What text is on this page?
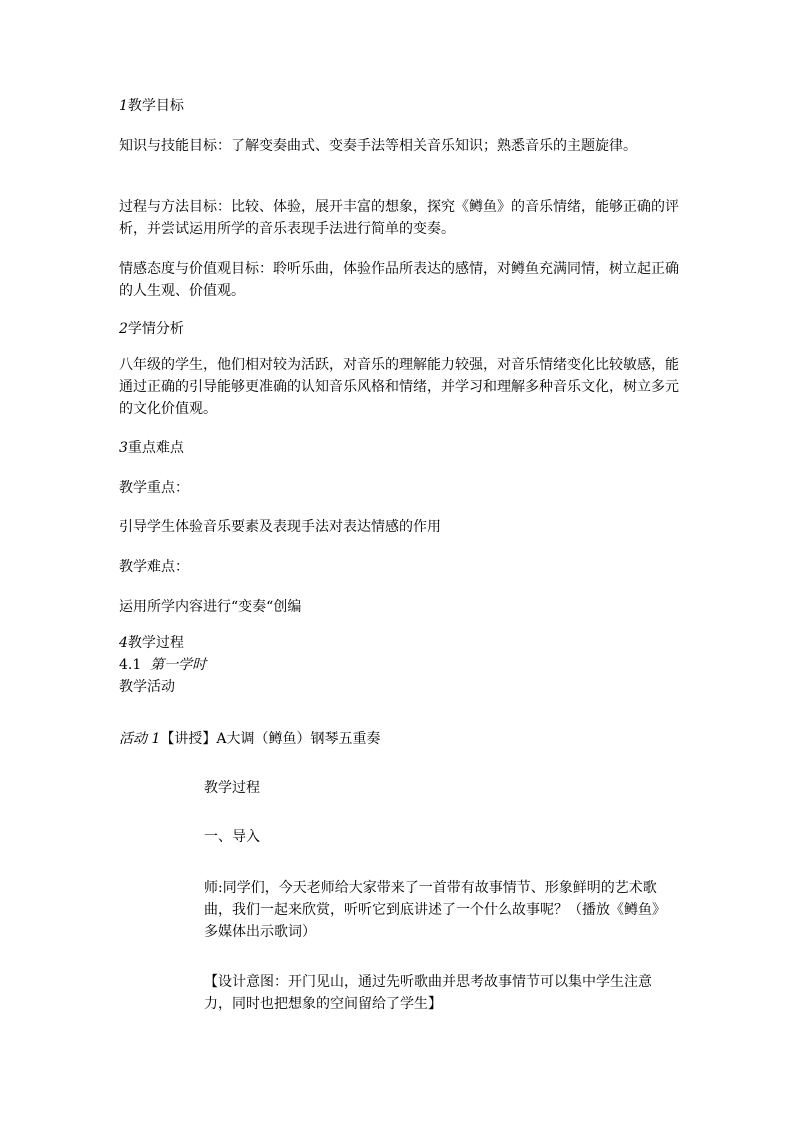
1教学目标

知识与技能目标：了解变奏曲式、变奏手法等相关音乐知识；熟悉音乐的主题旋律。

过程与方法目标：比较、体验，展开丰富的想象，探究《鳟鱼》的音乐情绪，能够正确的评析，并尝试运用所学的音乐表现手法进行简单的变奏。

情感态度与价值观目标：聆听乐曲，体验作品所表达的感情，对鳟鱼充满同情，树立起正确的人生观、价值观。

2学情分析

八年级的学生，他们相对较为活跃，对音乐的理解能力较强，对音乐情绪变化比较敏感，能通过正确的引导能够更准确的认知音乐风格和情绪，并学习和理解多种音乐文化，树立多元的文化价值观。

3重点难点

教学重点：

引导学生体验音乐要素及表现手法对表达情感的作用

教学难点：

运用所学内容进行“变奏“创编

4教学过程

4.1 第一学时

教学活动

活动 1【讲授】A大调（鳟鱼）钢琴五重奏

教学过程

一、导入

师:同学们，今天老师给大家带来了一首带有故事情节、形象鲜明的艺术歌曲，我们一起来欣赏，听听它到底讲述了一个什么故事呢？（播放《鳟鱼》多媒体出示歌词）

【设计意图：开门见山，通过先听歌曲并思考故事情节可以集中学生注意力，同时也把想象的空间留给了学生】
